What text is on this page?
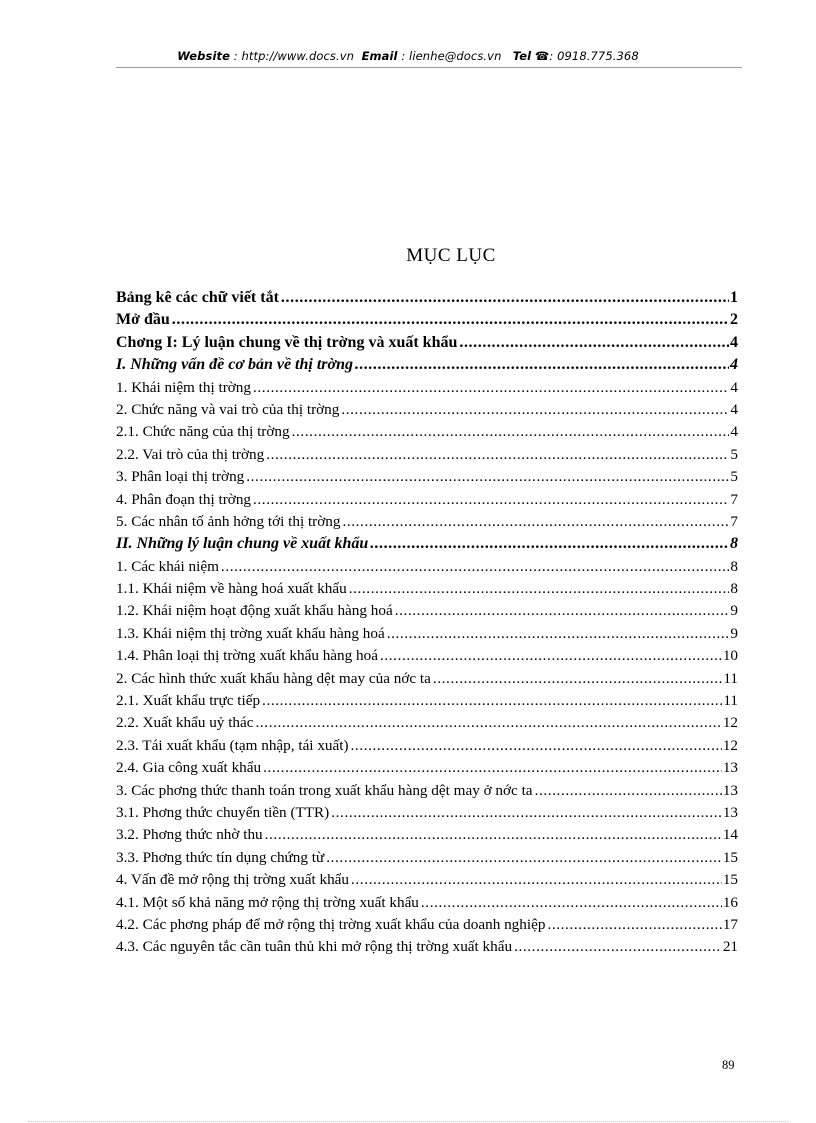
Website : http://www.docs.vn Email : lienhe@docs.vn Tel ☎: 0918.775.368
MỤC LỤC
Bảng kê các chữ viết tắt .....	1
Mở đầu .....	2
Chơng I: Lý luận chung về thị trờng và xuất khẩu .....	4
I. Những vấn đề cơ bản về thị trờng .....	4
1. Khái niệm thị trờng .....	4
2. Chức năng và vai trò của thị trờng .....	4
2.1. Chức năng của thị trờng .....	4
2.2. Vai trò của thị trờng .....	5
3. Phân loại thị trờng .....	5
4. Phân đoạn thị trờng .....	7
5. Các nhân tố ảnh hởng tới thị trờng .....	7
II. Những lý luận chung về xuất khẩu .....	8
1. Các khái niệm .....	8
1.1. Khái niệm về hàng hoá xuất khẩu .....	8
1.2. Khái niệm hoạt động xuất khẩu hàng hoá .....	9
1.3. Khái niệm thị trờng xuất khẩu hàng hoá .....	9
1.4. Phân loại thị trờng xuất khẩu hàng hoá .....	10
2. Các hình thức xuất khẩu hàng dệt may của nớc ta .....	11
2.1. Xuất khẩu trực tiếp .....	11
2.2. Xuất khẩu uỷ thác .....	12
2.3. Tái xuất khẩu (tạm nhập, tái xuất) .....	12
2.4. Gia công xuất khẩu .....	13
3. Các phơng thức thanh toán trong xuất khẩu hàng dệt may ở nớc ta .....	13
3.1. Phơng thức chuyển tiền (TTR) .....	13
3.2. Phơng thức nhờ thu .....	14
3.3. Phơng thức tín dụng chứng từ .....	15
4. Vấn đề mở rộng thị trờng xuất khẩu .....	15
4.1. Một số khả năng mở rộng thị trờng xuất khẩu .....	16
4.2. Các phơng pháp để mở rộng thị trờng xuất khẩu của doanh nghiệp .....	17
4.3. Các nguyên tắc cần tuân thủ khi mở rộng thị trờng xuất khẩu .....	21
89
